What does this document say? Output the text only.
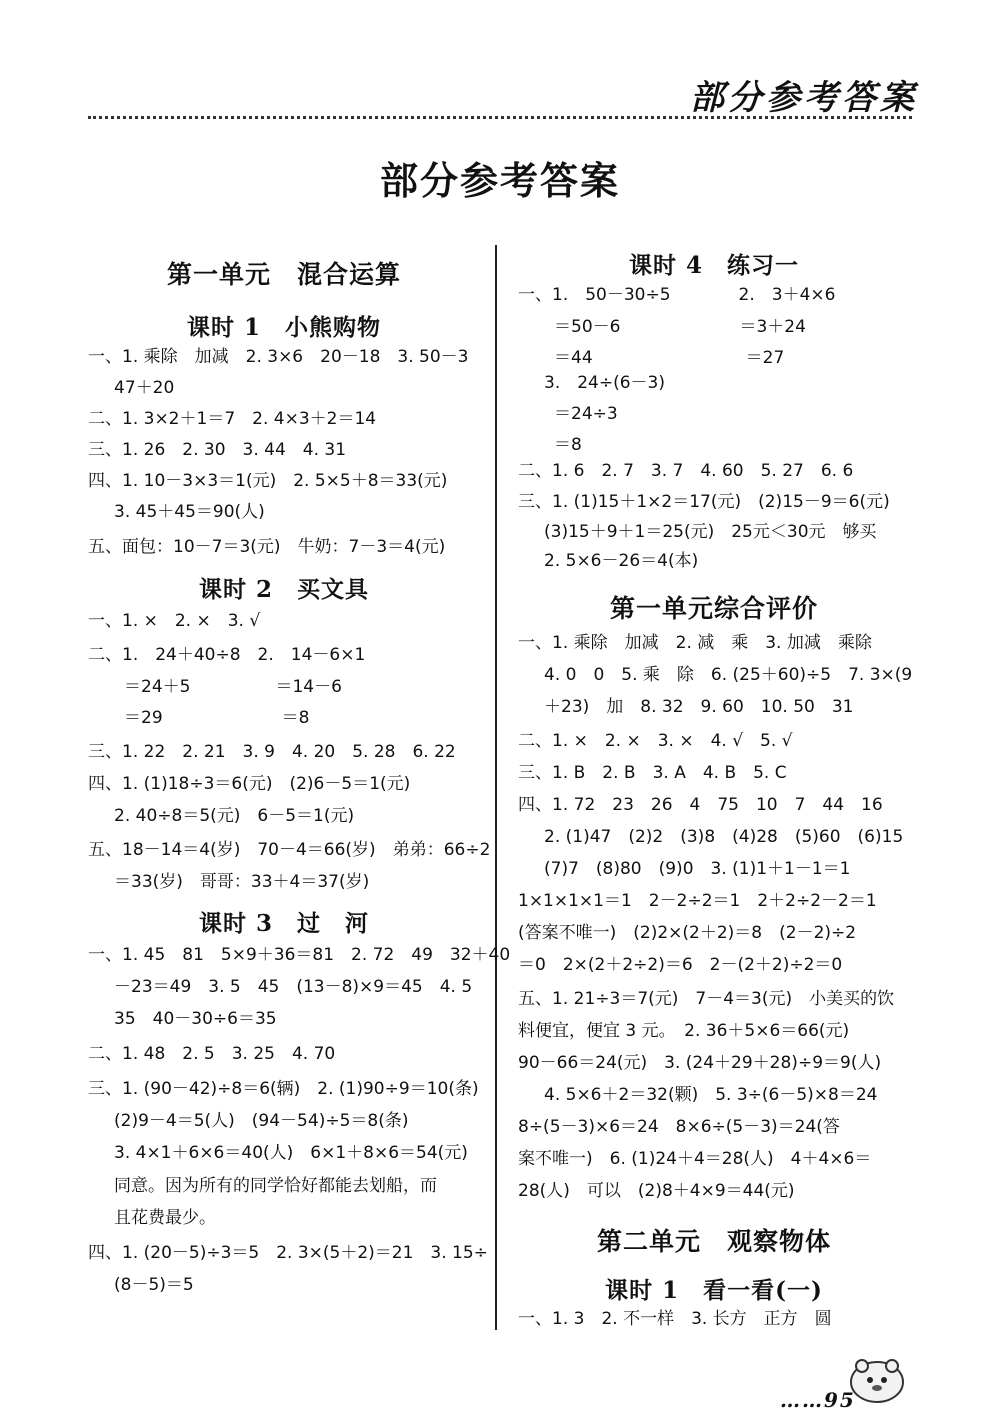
部分参考答案
部分参考答案
第一单元　混合运算
课时 1　小熊购物
一、1. 乘除　加减　2. 3×6　20－18　3. 50－3
47＋20
二、1. 3×2＋1＝7　2. 4×3＋2＝14
三、1. 26　2. 30　3. 44　4. 31
四、1. 10－3×3＝1(元)　2. 5×5＋8＝33(元)
3. 45＋45＝90(人)
五、面包：10－7＝3(元)　牛奶：7－3＝4(元)
课时 2　买文具
一、1. ×　2. ×　3. √
二、1.　24＋40÷8　2.　14－6×1
＝24＋5　　　　　＝14－6
＝29　　　　　　　＝8
三、1. 22　2. 21　3. 9　4. 20　5. 28　6. 22
四、1. (1)18÷3＝6(元)　(2)6－5＝1(元)
2. 40÷8＝5(元)　6－5＝1(元)
五、18－14＝4(岁)　70－4＝66(岁)　弟弟：66÷2
＝33(岁)　哥哥：33＋4＝37(岁)
课时 3　过　河
一、1. 45　81　5×9＋36＝81　2. 72　49　32＋40
－23＝49　3. 5　45　(13－8)×9＝45　4. 5
35　40－30÷6＝35
二、1. 48　2. 5　3. 25　4. 70
三、1. (90－42)÷8＝6(辆)　2. (1)90÷9＝10(条)
(2)9－4＝5(人)　(94－54)÷5＝8(条)
3. 4×1＋6×6＝40(人)　6×1＋8×6＝54(元)
同意。因为所有的同学恰好都能去划船，而
且花费最少。
四、1. (20－5)÷3＝5　2. 3×(5＋2)＝21　3. 15÷
(8－5)＝5
课时 4　练习一
一、1.　50－30÷5　　　　2.　3＋4×6
＝50－6　　　　　　　＝3＋24
＝44　　　　　　　　　＝27
3.　24÷(6－3)
＝24÷3
＝8
二、1. 6　2. 7　3. 7　4. 60　5. 27　6. 6
三、1. (1)15＋1×2＝17(元)　(2)15－9＝6(元)
(3)15＋9＋1＝25(元)　25元＜30元　够买
2. 5×6－26＝4(本)
第一单元综合评价
一、1. 乘除　加减　2. 减　乘　3. 加减　乘除
4. 0　0　5. 乘　除　6. (25＋60)÷5　7. 3×(9
＋23)　加　8. 32　9. 60　10. 50　31
二、1. ×　2. ×　3. ×　4. √　5. √
三、1. B　2. B　3. A　4. B　5. C
四、1. 72　23　26　4　75　10　7　44　16
2. (1)47　(2)2　(3)8　(4)28　(5)60　(6)15
(7)7　(8)80　(9)0　3. (1)1＋1－1＝1
1×1×1×1＝1　2－2÷2＝1　2＋2÷2－2＝1
(答案不唯一)　(2)2×(2＋2)＝8　(2－2)÷2
＝0　2×(2＋2÷2)＝6　2－(2＋2)÷2＝0
五、1. 21÷3＝7(元)　7－4＝3(元)　小美买的饮
料便宜，便宜 3 元。　2. 36＋5×6＝66(元)
90－66＝24(元)　3. (24＋29＋28)÷9＝9(人)
4. 5×6＋2＝32(颗)　5. 3÷(6－5)×8＝24
8÷(5－3)×6＝24　8×6÷(5－3)＝24(答
案不唯一)　6. (1)24＋4＝28(人)　4＋4×6＝
28(人)　可以　(2)8＋4×9＝44(元)
第二单元　观察物体
课时 1　看一看(一)
一、1. 3　2. 不一样　3. 长方　正方　圆
……95
